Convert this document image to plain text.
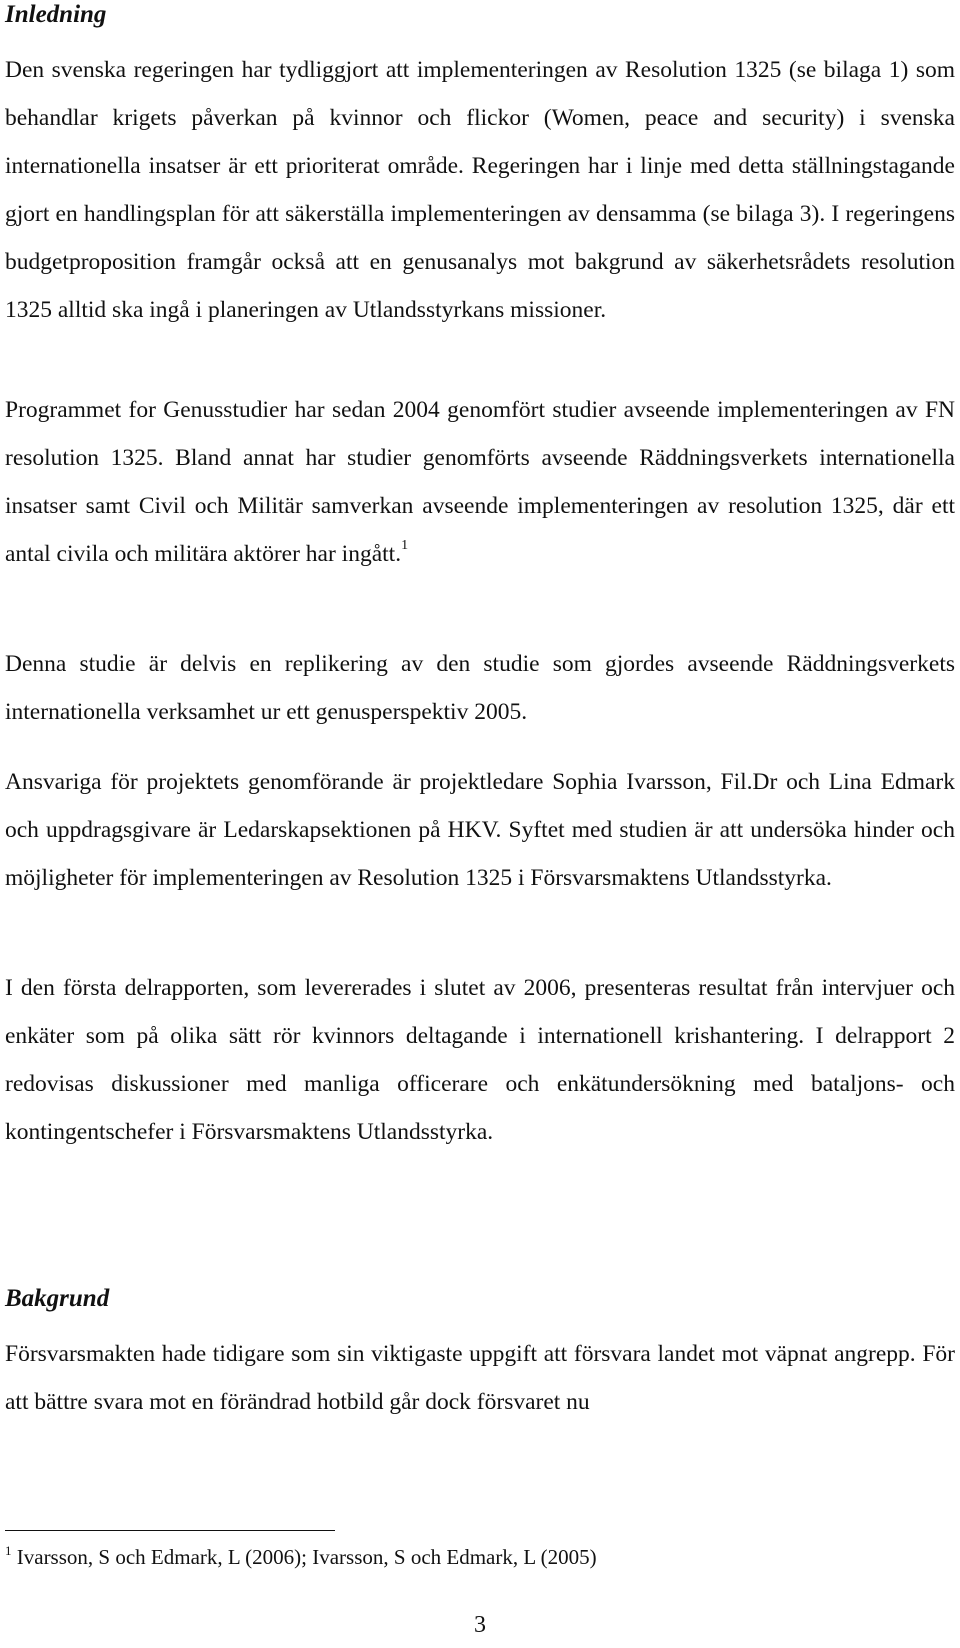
Inledning

Den svenska regeringen har tydliggjort att implementeringen av Resolution 1325 (se bilaga 1) som behandlar krigets påverkan på kvinnor och flickor (Women, peace and security) i svenska internationella insatser är ett prioriterat område. Regeringen har i linje med detta ställningstagande gjort en handlingsplan för att säkerställa implementeringen av densamma (se bilaga 3). I regeringens budgetproposition framgår också att en genusanalys mot bakgrund av säkerhetsrådets resolution 1325 alltid ska ingå i planeringen av Utlandsstyrkans missioner.

Programmet for Genusstudier har sedan 2004 genomfört studier avseende implementeringen av FN resolution 1325. Bland annat har studier genomförts avseende Räddningsverkets internationella insatser samt Civil och Militär samverkan avseende implementeringen av resolution 1325, där ett antal civila och militära aktörer har ingått.$^1$

Denna studie är delvis en replikering av den studie som gjordes avseende Räddningsverkets internationella verksamhet ur ett genusperspektiv 2005.

Ansvariga för projektets genomförande är projektledare Sophia Ivarsson, Fil.Dr och Lina Edmark och uppdragsgivare är Ledarskapsektionen på HKV. Syftet med studien är att undersöka hinder och möjligheter för implementeringen av Resolution 1325 i Försvarsmaktens Utlandsstyrka.

I den första delrapporten, som levererades i slutet av 2006, presenteras resultat från intervjuer och enkäter som på olika sätt rör kvinnors deltagande i internationell krishantering. I delrapport 2 redovisas diskussioner med manliga officerare och enkätundersökning med bataljons- och kontingentschefer i Försvarsmaktens Utlandsstyrka.

Bakgrund

Försvarsmakten hade tidigare som sin viktigaste uppgift att försvara landet mot väpnat angrepp. För att bättre svara mot en förändrad hotbild går dock försvaret nu

$^1$ Ivarsson, S och Edmark, L (2006); Ivarsson, S och Edmark, L (2005)
3
